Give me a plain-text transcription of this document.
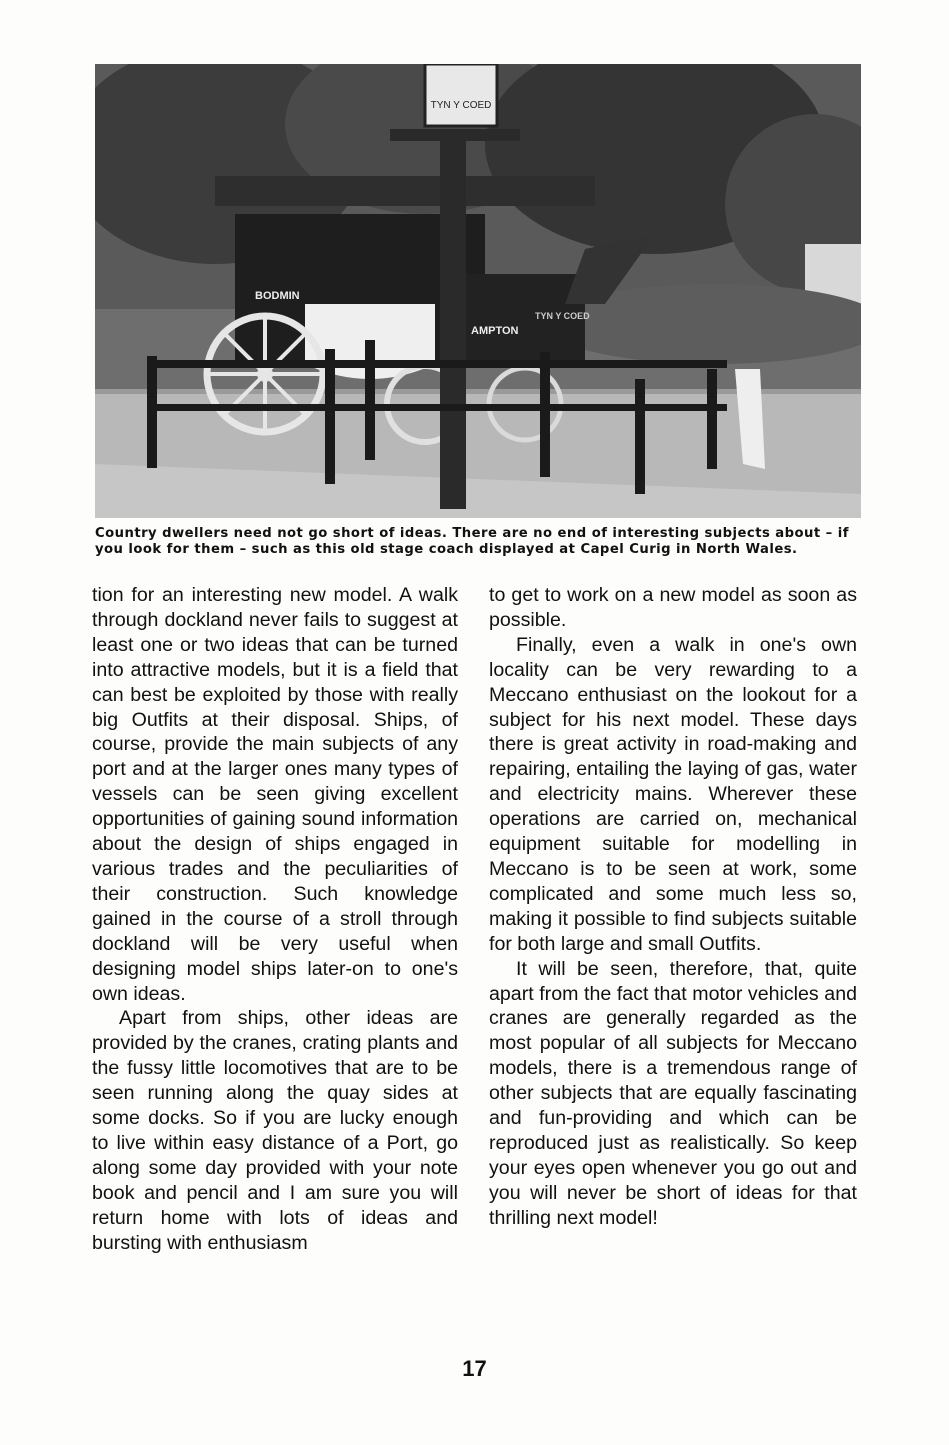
TYN Y COED
BODMIN
AMPTON
TYN Y COED

Country dwellers need not go short of ideas. There are no end of interesting subjects about – if you look for them – such as this old stage coach displayed at Capel Curig in North Wales.

tion for an interesting new model. A walk through dockland never fails to suggest at least one or two ideas that can be turned into attractive models, but it is a field that can best be exploited by those with really big Outfits at their disposal. Ships, of course, provide the main subjects of any port and at the larger ones many types of vessels can be seen giving excellent opportunities of gaining sound information about the design of ships engaged in various trades and the peculiarities of their construction. Such knowledge gained in the course of a stroll through dockland will be very useful when designing model ships later-on to one's own ideas.

Apart from ships, other ideas are provided by the cranes, crating plants and the fussy little locomotives that are to be seen running along the quay sides at some docks. So if you are lucky enough to live within easy distance of a Port, go along some day provided with your note book and pencil and I am sure you will return home with lots of ideas and bursting with enthusiasm

to get to work on a new model as soon as possible.

Finally, even a walk in one's own locality can be very rewarding to a Meccano enthusiast on the lookout for a subject for his next model. These days there is great activity in road-making and repairing, entailing the laying of gas, water and electricity mains. Wherever these operations are carried on, mechanical equipment suitable for modelling in Meccano is to be seen at work, some complicated and some much less so, making it possible to find subjects suitable for both large and small Outfits.

It will be seen, therefore, that, quite apart from the fact that motor vehicles and cranes are generally regarded as the most popular of all subjects for Meccano models, there is a tremendous range of other subjects that are equally fascinating and fun-providing and which can be reproduced just as realistically. So keep your eyes open whenever you go out and you will never be short of ideas for that thrilling next model!

17
